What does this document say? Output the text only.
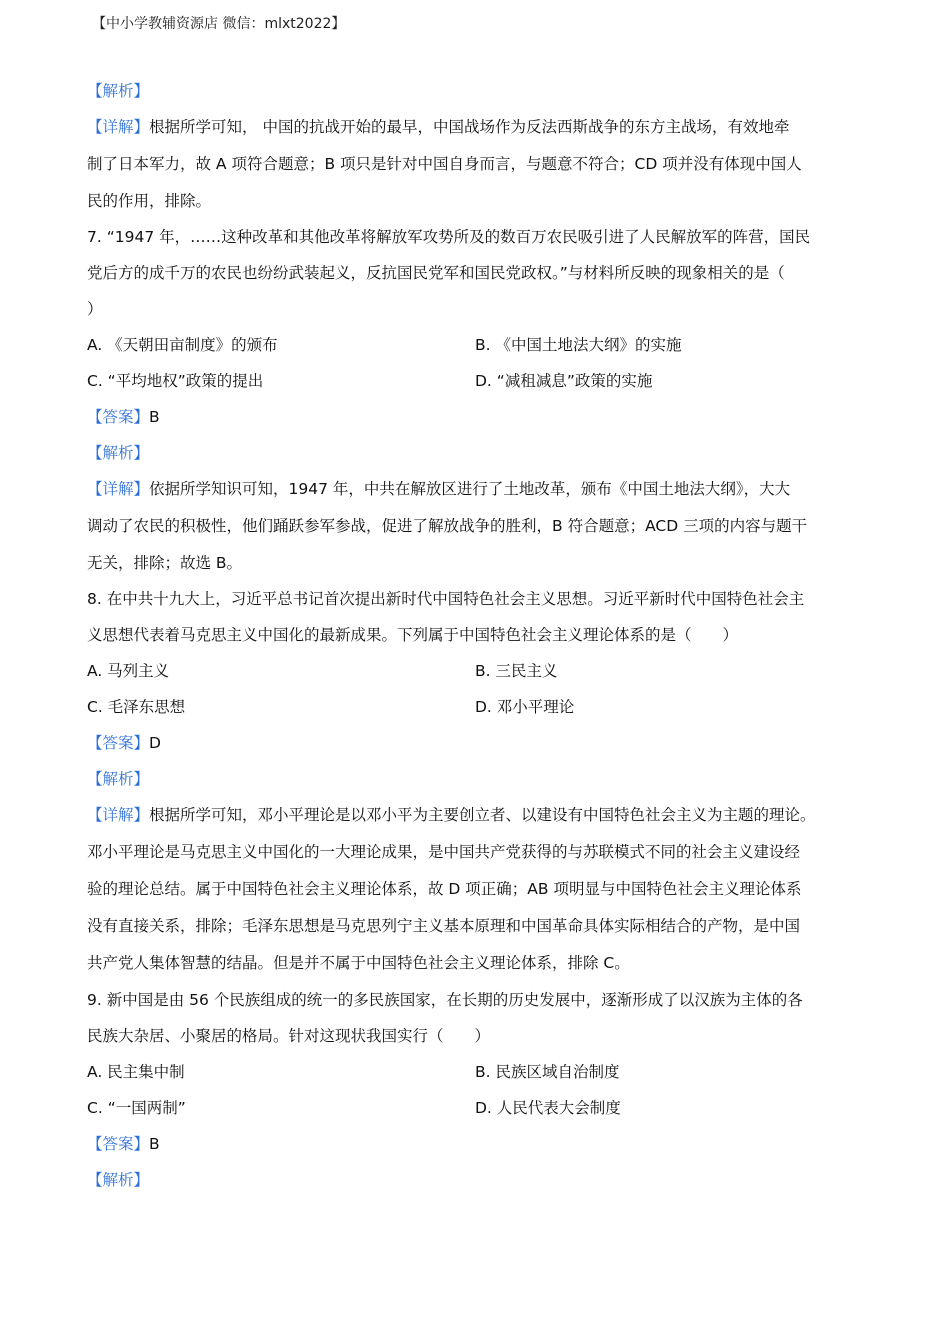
【中小学教辅资源店 微信：mlxt2022】
【解析】
【详解】根据所学可知， 中国的抗战开始的最早，中国战场作为反法西斯战争的东方主战场，有效地牵
制了日本军力，故 A 项符合题意；B 项只是针对中国自身而言，与题意不符合；CD 项并没有体现中国人
民的作用，排除。
7. “1947 年，……这种改革和其他改革将解放军攻势所及的数百万农民吸引进了人民解放军的阵营，国民
党后方的成千万的农民也纷纷武装起义，反抗国民党军和国民党政权。”与材料所反映的现象相关的是（
）
A. 《天朝田亩制度》的颁布	B. 《中国土地法大纲》的实施
C. “平均地权”政策的提出	D. “减租减息”政策的实施
【答案】B
【解析】
【详解】依据所学知识可知，1947 年，中共在解放区进行了土地改革，颁布《中国土地法大纲》，大大
调动了农民的积极性，他们踊跃参军参战，促进了解放战争的胜利，B 符合题意；ACD 三项的内容与题干
无关，排除；故选 B。
8. 在中共十九大上，习近平总书记首次提出新时代中国特色社会主义思想。习近平新时代中国特色社会主
义思想代表着马克思主义中国化的最新成果。下列属于中国特色社会主义理论体系的是（　　）
A. 马列主义	B. 三民主义
C. 毛泽东思想	D. 邓小平理论
【答案】D
【解析】
【详解】根据所学可知，邓小平理论是以邓小平为主要创立者、以建设有中国特色社会主义为主题的理论。
邓小平理论是马克思主义中国化的一大理论成果，是中国共产党获得的与苏联模式不同的社会主义建设经
验的理论总结。属于中国特色社会主义理论体系，故 D 项正确；AB 项明显与中国特色社会主义理论体系
没有直接关系，排除；毛泽东思想是马克思列宁主义基本原理和中国革命具体实际相结合的产物，是中国
共产党人集体智慧的结晶。但是并不属于中国特色社会主义理论体系，排除 C。
9. 新中国是由 56 个民族组成的统一的多民族国家，在长期的历史发展中，逐渐形成了以汉族为主体的各
民族大杂居、小聚居的格局。针对这现状我国实行（　　）
A. 民主集中制	B. 民族区域自治制度
C. “一国两制”	D. 人民代表大会制度
【答案】B
【解析】
